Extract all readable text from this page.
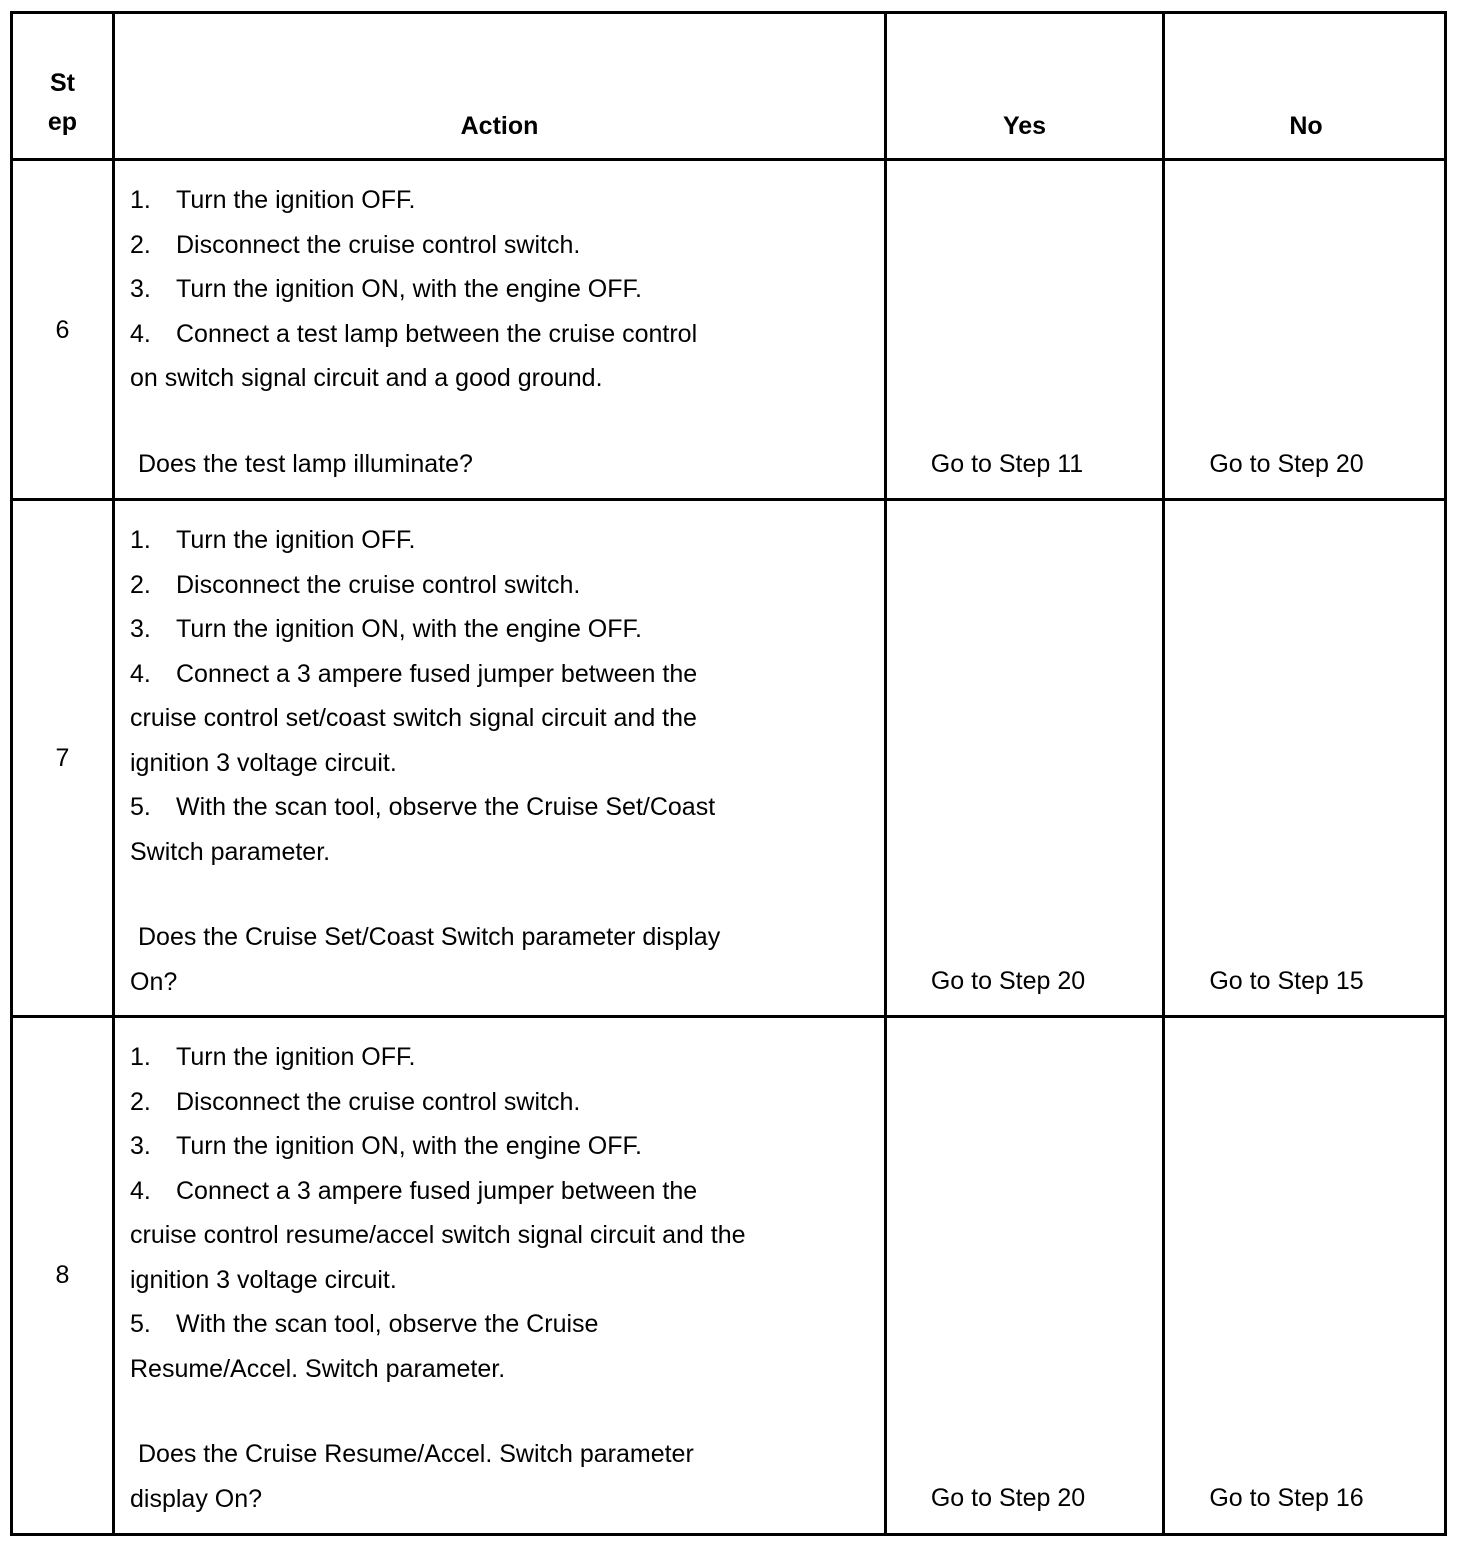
St
ep	Action	Yes	No
6
1. Turn the ignition OFF.
2. Disconnect the cruise control switch.
3. Turn the ignition ON, with the engine OFF.
4. Connect a test lamp between the cruise control
on switch signal circuit and a good ground.
Does the test lamp illuminate?	Go to Step 11	Go to Step 20
7
1. Turn the ignition OFF.
2. Disconnect the cruise control switch.
3. Turn the ignition ON, with the engine OFF.
4. Connect a 3 ampere fused jumper between the
cruise control set/coast switch signal circuit and the
ignition 3 voltage circuit.
5. With the scan tool, observe the Cruise Set/Coast
Switch parameter.
Does the Cruise Set/Coast Switch parameter display
On?	Go to Step 20	Go to Step 15
8
1. Turn the ignition OFF.
2. Disconnect the cruise control switch.
3. Turn the ignition ON, with the engine OFF.
4. Connect a 3 ampere fused jumper between the
cruise control resume/accel switch signal circuit and the
ignition 3 voltage circuit.
5. With the scan tool, observe the Cruise
Resume/Accel. Switch parameter.
Does the Cruise Resume/Accel. Switch parameter
display On?	Go to Step 20	Go to Step 16
